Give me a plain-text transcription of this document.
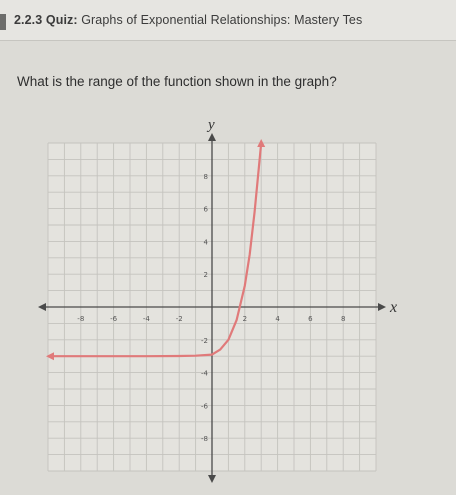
2.2.3 Quiz: Graphs of Exponential Relationships: Mastery Tes
What is the range of the function shown in the graph?
x
y
-8	-6	-4	-2	2	4	6	8
8
6
4
2
-2
-4
-6
-8
